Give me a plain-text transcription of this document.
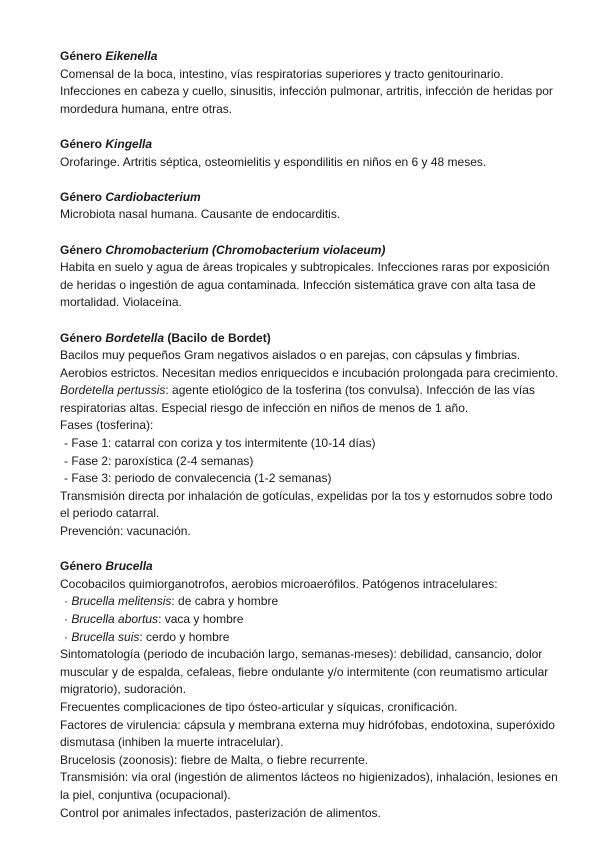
Género Eikenella
Comensal de la boca, intestino, vías respiratorias superiores y tracto genitourinario.
Infecciones en cabeza y cuello, sinusitis, infección pulmonar, artritis, infección de heridas por mordedura humana, entre otras.
Género Kingella
Orofaringe. Artritis séptica, osteomielitis y espondilitis en niños en 6 y 48 meses.
Género Cardiobacterium
Microbiota nasal humana. Causante de endocarditis.
Género Chromobacterium (Chromobacterium violaceum)
Habita en suelo y agua de áreas tropicales y subtropicales. Infecciones raras por exposición de heridas o ingestión de agua contaminada. Infección sistemática grave con alta tasa de mortalidad. Violaceína.
Género Bordetella (Bacilo de Bordet)
Bacilos muy pequeños Gram negativos aislados o en parejas, con cápsulas y fimbrias.
Aerobios estrictos. Necesitan medios enriquecidos e incubación prolongada para crecimiento.
Bordetella pertussis: agente etiológico de la tosferina (tos convulsa). Infección de las vías respiratorias altas. Especial riesgo de infección en niños de menos de 1 año.
Fases (tosferina):
- Fase 1: catarral con coriza y tos intermitente (10-14 días)
- Fase 2: paroxística (2-4 semanas)
- Fase 3: periodo de convalecencia (1-2 semanas)
Transmisión directa por inhalación de gotículas, expelidas por la tos y estornudos sobre todo el periodo catarral.
Prevención: vacunación.
Género Brucella
Cocobacilos quimiorganotrofos, aerobios microaerófilos. Patógenos intracelulares:
· Brucella melitensis: de cabra y hombre
· Brucella abortus: vaca y hombre
· Brucella suis: cerdo y hombre
Sintomatología (periodo de incubación largo, semanas-meses): debilidad, cansancio, dolor muscular y de espalda, cefaleas, fiebre ondulante y/o intermitente (con reumatismo articular migratorio), sudoración.
Frecuentes complicaciones de tipo ósteo-articular y síquicas, cronificación.
Factores de virulencia: cápsula y membrana externa muy hidrófobas, endotoxina, superóxido dismutasa (inhiben la muerte intracelular).
Brucelosis (zoonosis): fiebre de Malta, o fiebre recurrente.
Transmisión: vía oral (ingestión de alimentos lácteos no higienizados), inhalación, lesiones en la piel, conjuntiva (ocupacional).
Control por animales infectados, pasterización de alimentos.
